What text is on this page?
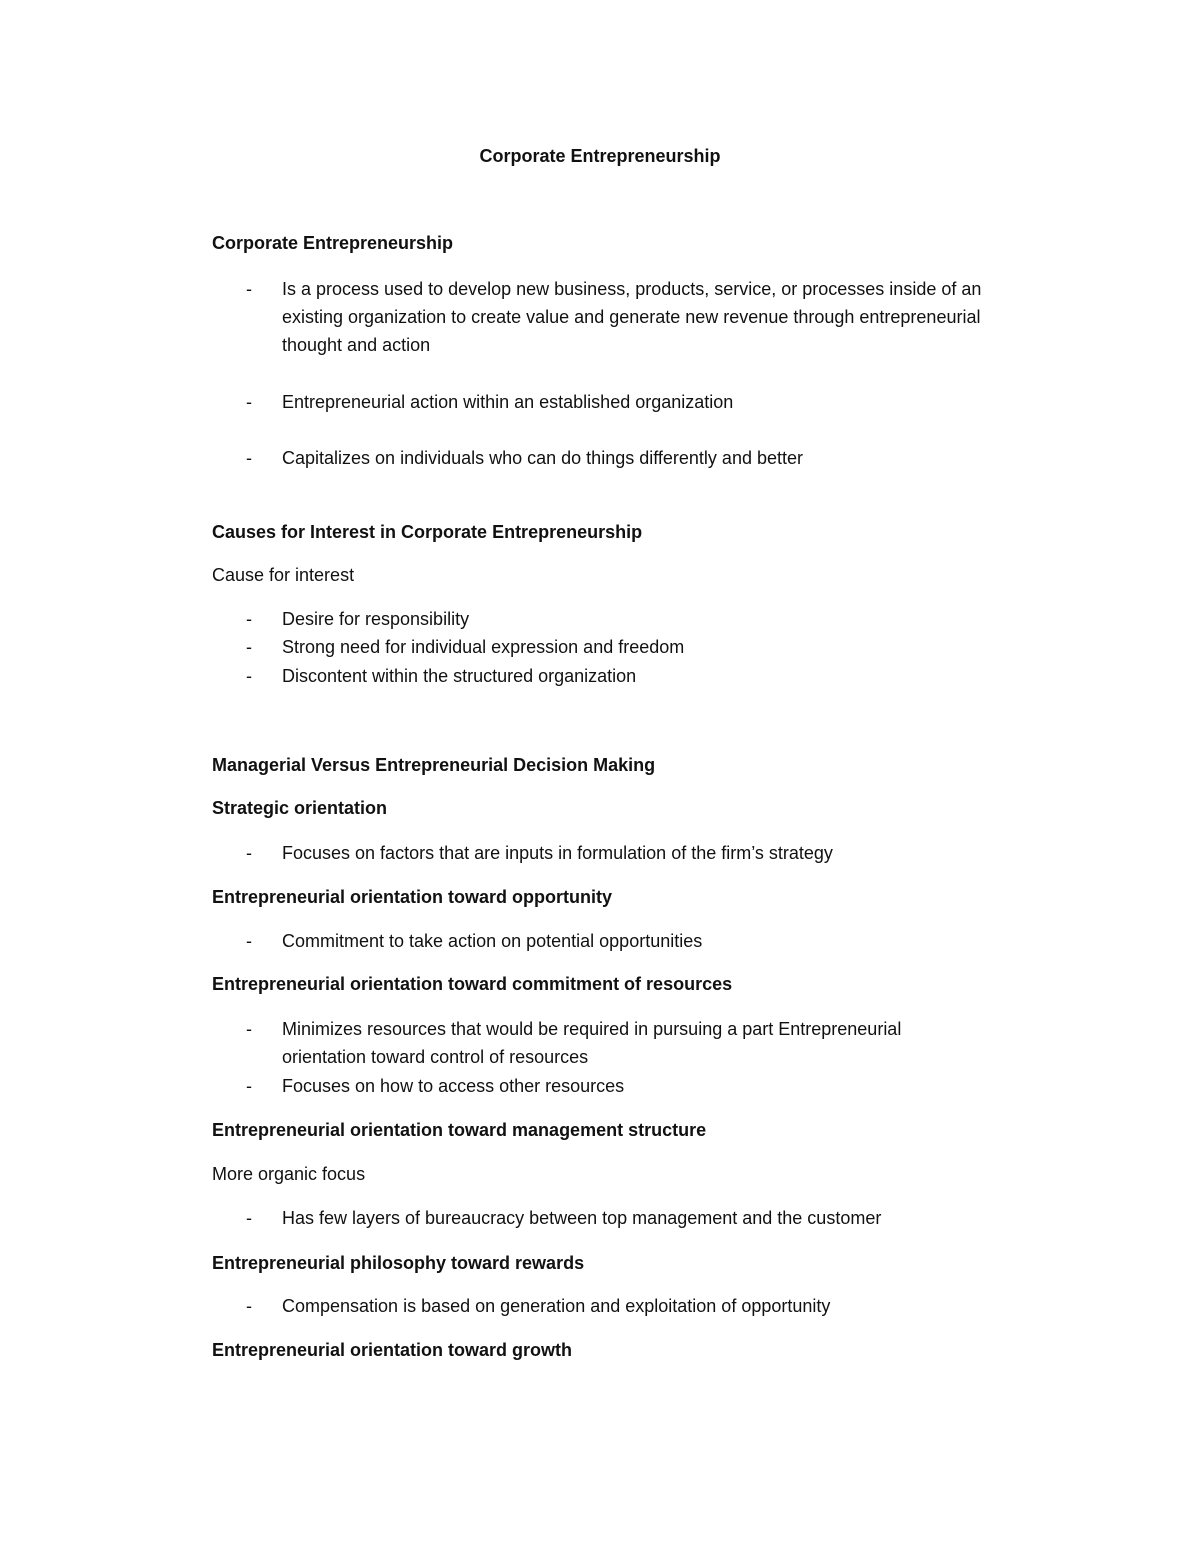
Corporate Entrepreneurship
Corporate Entrepreneurship
- Is a process used to develop new business, products, service, or processes inside of an
existing organization to create value and generate new revenue through entrepreneurial
thought and action
- Entrepreneurial action within an established organization
- Capitalizes on individuals who can do things differently and better
Causes for Interest in Corporate Entrepreneurship
Cause for interest
- Desire for responsibility
- Strong need for individual expression and freedom
- Discontent within the structured organization
Managerial Versus Entrepreneurial Decision Making
Strategic orientation
- Focuses on factors that are inputs in formulation of the firm’s strategy
Entrepreneurial orientation toward opportunity
- Commitment to take action on potential opportunities
Entrepreneurial orientation toward commitment of resources
- Minimizes resources that would be required in pursuing a part Entrepreneurial
orientation toward control of resources
- Focuses on how to access other resources
Entrepreneurial orientation toward management structure
More organic focus
- Has few layers of bureaucracy between top management and the customer
Entrepreneurial philosophy toward rewards
- Compensation is based on generation and exploitation of opportunity
Entrepreneurial orientation toward growth
